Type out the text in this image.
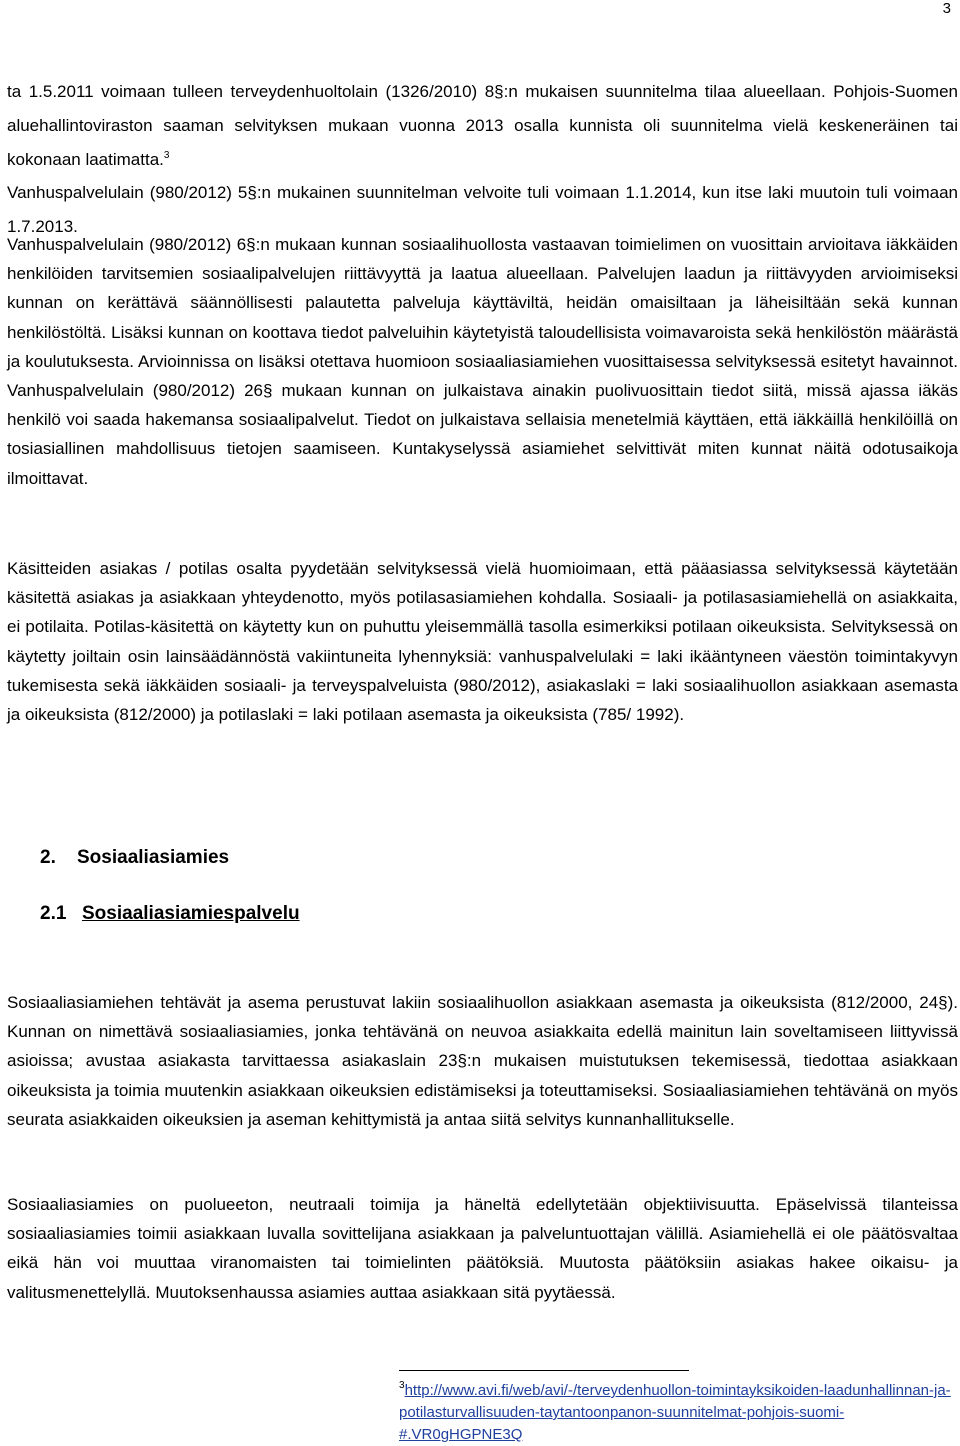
3
ta 1.5.2011 voimaan tulleen terveydenhuoltolain (1326/2010) 8§:n mukaisen suunnitelma tilaa alueellaan. Pohjois-Suomen aluehallintoviraston saaman selvityksen mukaan vuonna 2013 osalla kunnista oli suunnitelma vielä keskeneräinen tai kokonaan laatimatta.$^3$
Vanhuspalvelulain (980/2012) 5§:n mukainen suunnitelman velvoite tuli voimaan 1.1.2014, kun itse laki muutoin tuli voimaan 1.7.2013.

Vanhuspalvelulain (980/2012) 6§:n mukaan kunnan sosiaalihuollosta vastaavan toimielimen on vuosittain arvioitava iäkkäiden henkilöiden tarvitsemien sosiaalipalvelujen riittävyyttä ja laatua alueellaan. Palvelujen laadun ja riittävyyden arvioimiseksi kunnan on kerättävä säännöllisesti palautetta palveluja käyttäviltä, heidän omaisiltaan ja läheisiltään sekä kunnan henkilöstöltä. Lisäksi kunnan on koottava tiedot palveluihin käytetyistä taloudellisista voimavaroista sekä henkilöstön määrästä ja koulutuksesta. Arvioinnissa on lisäksi otettava huomioon sosiaaliasiamiehen vuosittaisessa selvityksessä esitetyt havainnot. Vanhuspalvelulain (980/2012) 26§ mukaan kunnan on julkaistava ainakin puolivuosittain tiedot siitä, missä ajassa iäkäs henkilö voi saada hakemansa sosiaalipalvelut. Tiedot on julkaistava sellaisia menetelmiä käyttäen, että iäkkäillä henkilöillä on tosiasiallinen mahdollisuus tietojen saamiseen. Kuntakyselyssä asiamiehet selvittivät miten kunnat näitä odotusaikoja ilmoittavat.

Käsitteiden asiakas / potilas osalta pyydetään selvityksessä vielä huomioimaan, että pääasiassa selvityksessä käytetään käsitettä asiakas ja asiakkaan yhteydenotto, myös potilasasiamiehen kohdalla. Sosiaali- ja potilasasiamiehellä on asiakkaita, ei potilaita. Potilas-käsitettä on käytetty kun on puhuttu yleisemmällä tasolla esimerkiksi potilaan oikeuksista. Selvityksessä on käytetty joiltain osin lainsäädännöstä vakiintuneita lyhennyksiä: vanhuspalvelulaki = laki ikääntyneen väestön toimintakyvyn tukemisesta sekä iäkkäiden sosiaali- ja terveyspalveluista (980/2012), asiakaslaki = laki sosiaalihuollon asiakkaan asemasta ja oikeuksista (812/2000) ja potilaslaki = laki potilaan asemasta ja oikeuksista (785/ 1992).

2. Sosiaaliasiamies
2.1 Sosiaaliasiamiespalvelu

Sosiaaliasiamiehen tehtävät ja asema perustuvat lakiin sosiaalihuollon asiakkaan asemasta ja oikeuksista (812/2000, 24§). Kunnan on nimettävä sosiaaliasiamies, jonka tehtävänä on neuvoa asiakkaita edellä mainitun lain soveltamiseen liittyvissä asioissa; avustaa asiakasta tarvittaessa asiakaslain 23§:n mukaisen muistutuksen tekemisessä, tiedottaa asiakkaan oikeuksista ja toimia muutenkin asiakkaan oikeuksien edistämiseksi ja toteuttamiseksi. Sosiaaliasiamiehen tehtävänä on myös seurata asiakkaiden oikeuksien ja aseman kehittymistä ja antaa siitä selvitys kunnanhallitukselle.

Sosiaaliasiamies on puolueeton, neutraali toimija ja häneltä edellytetään objektiivisuutta. Epäselvissä tilanteissa sosiaaliasiamies toimii asiakkaan luvalla sovittelijana asiakkaan ja palveluntuottajan välillä. Asiamiehellä ei ole päätösvaltaa eikä hän voi muuttaa viranomaisten tai toimielinten päätöksiä. Muutosta päätöksiin asiakas hakee oikaisu- ja valitusmenettelyllä. Muutoksenhaussa asiamies auttaa asiakkaan sitä pyytäessä.

$^3$http://www.avi.fi/web/avi/-/terveydenhuollon-toimintayksikoiden-laadunhallinnan-ja-potilasturvallisuuden-taytantoonpanon-suunnitelmat-pohjois-suomi-#.VR0gHGPNE3Q
